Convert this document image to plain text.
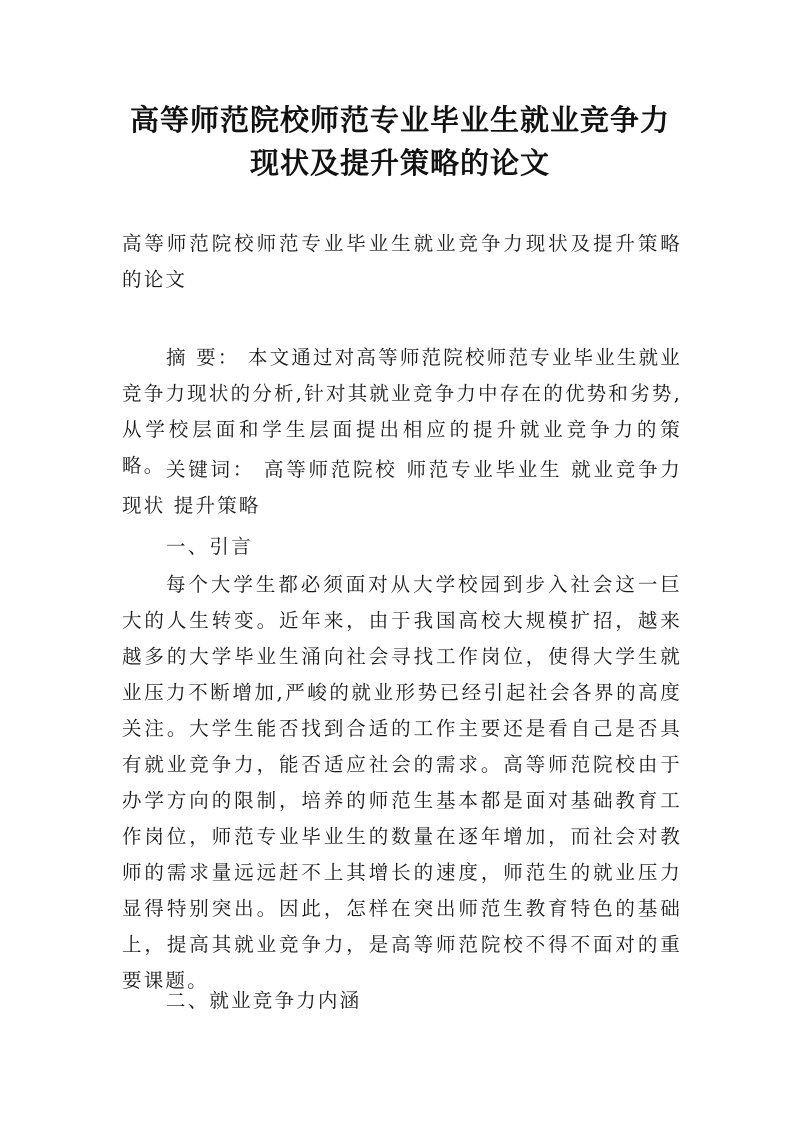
高等师范院校师范专业毕业生就业竞争力
现状及提升策略的论文

高等师范院校师范专业毕业生就业竞争力现状及提升策略的论文

摘 要： 本文通过对高等师范院校师范专业毕业生就业竞争力现状的分析,针对其就业竞争力中存在的优势和劣势,从学校层面和学生层面提出相应的提升就业竞争力的策略。 关键词： 高等师范院校 师范专业毕业生 就业竞争力现状 提升策略

一、引言

每个大学生都必须面对从大学校园到步入社会这一巨大的人生转变。近年来，由于我国高校大规模扩招，越来越多的大学毕业生涌向社会寻找工作岗位，使得大学生就业压力不断增加,严峻的就业形势已经引起社会各界的高度关注。大学生能否找到合适的工作主要还是看自己是否具有就业竞争力，能否适应社会的需求。高等师范院校由于办学方向的限制，培养的师范生基本都是面对基础教育工作岗位，师范专业毕业生的数量在逐年增加，而社会对教师的需求量远远赶不上其增长的速度，师范生的就业压力显得特别突出。因此，怎样在突出师范生教育特色的基础上，提高其就业竞争力，是高等师范院校不得不面对的重要课题。

二、就业竞争力内涵
